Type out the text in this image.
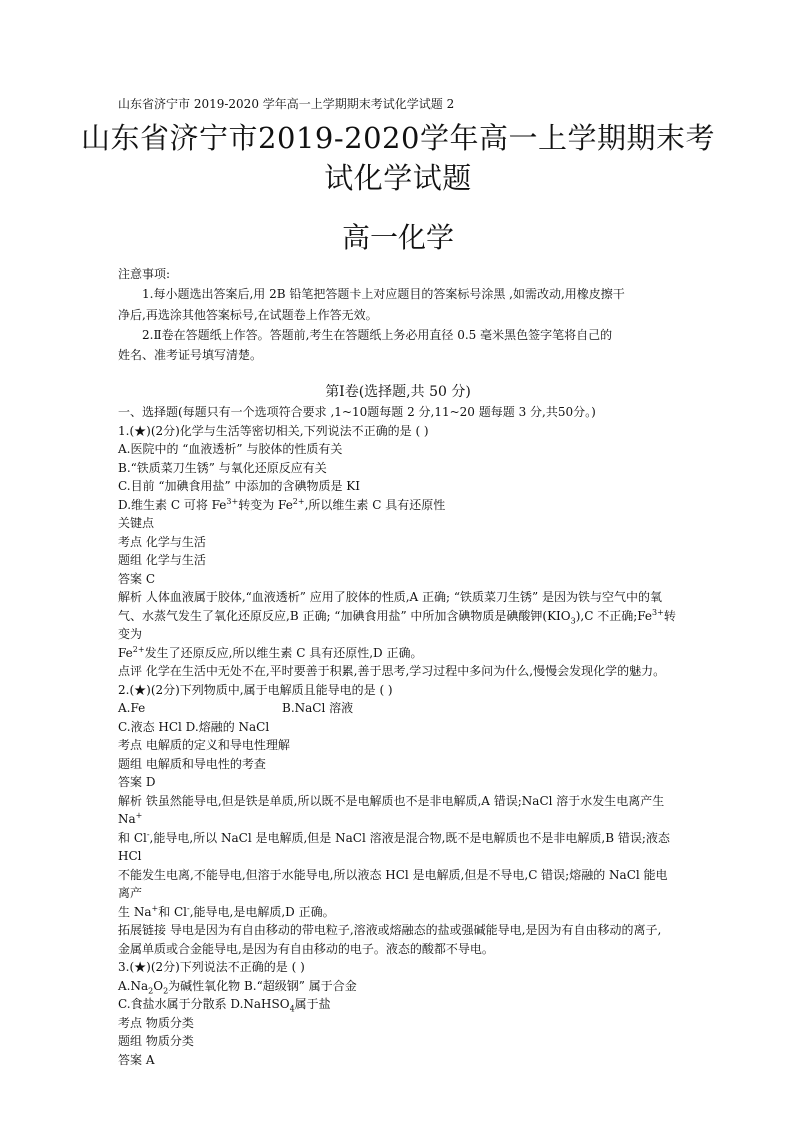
山东省济宁市 2019-2020 学年高一上学期期末考试化学试题 2

山东省济宁市2019-2020学年高一上学期期末考
试化学试题
高一化学

注意事项:

1.每小题选出答案后,用 2B 铅笔把答题卡上对应题目的答案标号涂黑 ,如需改动,用橡皮擦干

净后,再选涂其他答案标号,在试题卷上作答无效。

2.Ⅱ卷在答题纸上作答。答题前,考生在答题纸上务必用直径 0.5 毫米黑色签字笔将自己的

姓名、准考证号填写清楚。

第Ⅰ卷(选择题,共 50 分)

一、选择题(每题只有一个选项符合要求 ,1~10题每题 2 分,11~20 题每题 3 分,共50分。)

1.(★)(2分)化学与生活等密切相关,下列说法不正确的是 ( )

A.医院中的 “血液透析” 与胶体的性质有关

B.“铁质菜刀生锈” 与氧化还原反应有关

C.目前 “加碘食用盐” 中添加的含碘物质是 KI

D.维生素 C 可将 $Fe^{3+}$转变为 $Fe^{2+}$,所以维生素 C 具有还原性

关键点

考点 化学与生活

题组 化学与生活

答案 C

解析 人体血液属于胶体,“血液透析” 应用了胶体的性质,A 正确; “铁质菜刀生锈” 是因为铁与空气中的氧

气、水蒸气发生了氧化还原反应,B 正确; “加碘食用盐” 中所加含碘物质是碘酸钾$(KIO_3),C$ 不正确$;Fe^{3+}$转变为

$Fe^{2+}$发生了还原反应,所以维生素 C 具有还原性,D 正确。

点评 化学在生活中无处不在,平时要善于积累,善于思考,学习过程中多问为什么,慢慢会发现化学的魅力。

2.(★)(2分)下列物质中,属于电解质且能导电的是 ( )

A.Fe	B.NaCl 溶液

C.液态 HCl D.熔融的 NaCl

考点 电解质的定义和导电性理解

题组 电解质和导电性的考查

答案 D

解析 铁虽然能导电,但是铁是单质,所以既不是电解质也不是非电解质,A 错误;NaCl 溶于水发生电离产生 Na+

和 Cl-,能导电,所以 NaCl 是电解质,但是 NaCl 溶液是混合物,既不是电解质也不是非电解质,B 错误;液态 HCl

不能发生电离,不能导电,但溶于水能导电,所以液态 HCl 是电解质,但是不导电,C 错误;熔融的 NaCl 能电离产

生 Na+和 Cl-,能导电,是电解质,D 正确。

拓展链接 导电是因为有自由移动的带电粒子,溶液或熔融态的盐或强碱能导电,是因为有自由移动的离子,

金属单质或合金能导电,是因为有自由移动的电子。液态的酸都不导电。

3.(★)(2分)下列说法不正确的是 ( )

$A.Na_2O_2$为碱性氧化物 B.“超级钢” 属于合金

C.食盐水属于分散系 D.NaHSO$_4$属于盐

考点 物质分类

题组 物质分类

答案 A
